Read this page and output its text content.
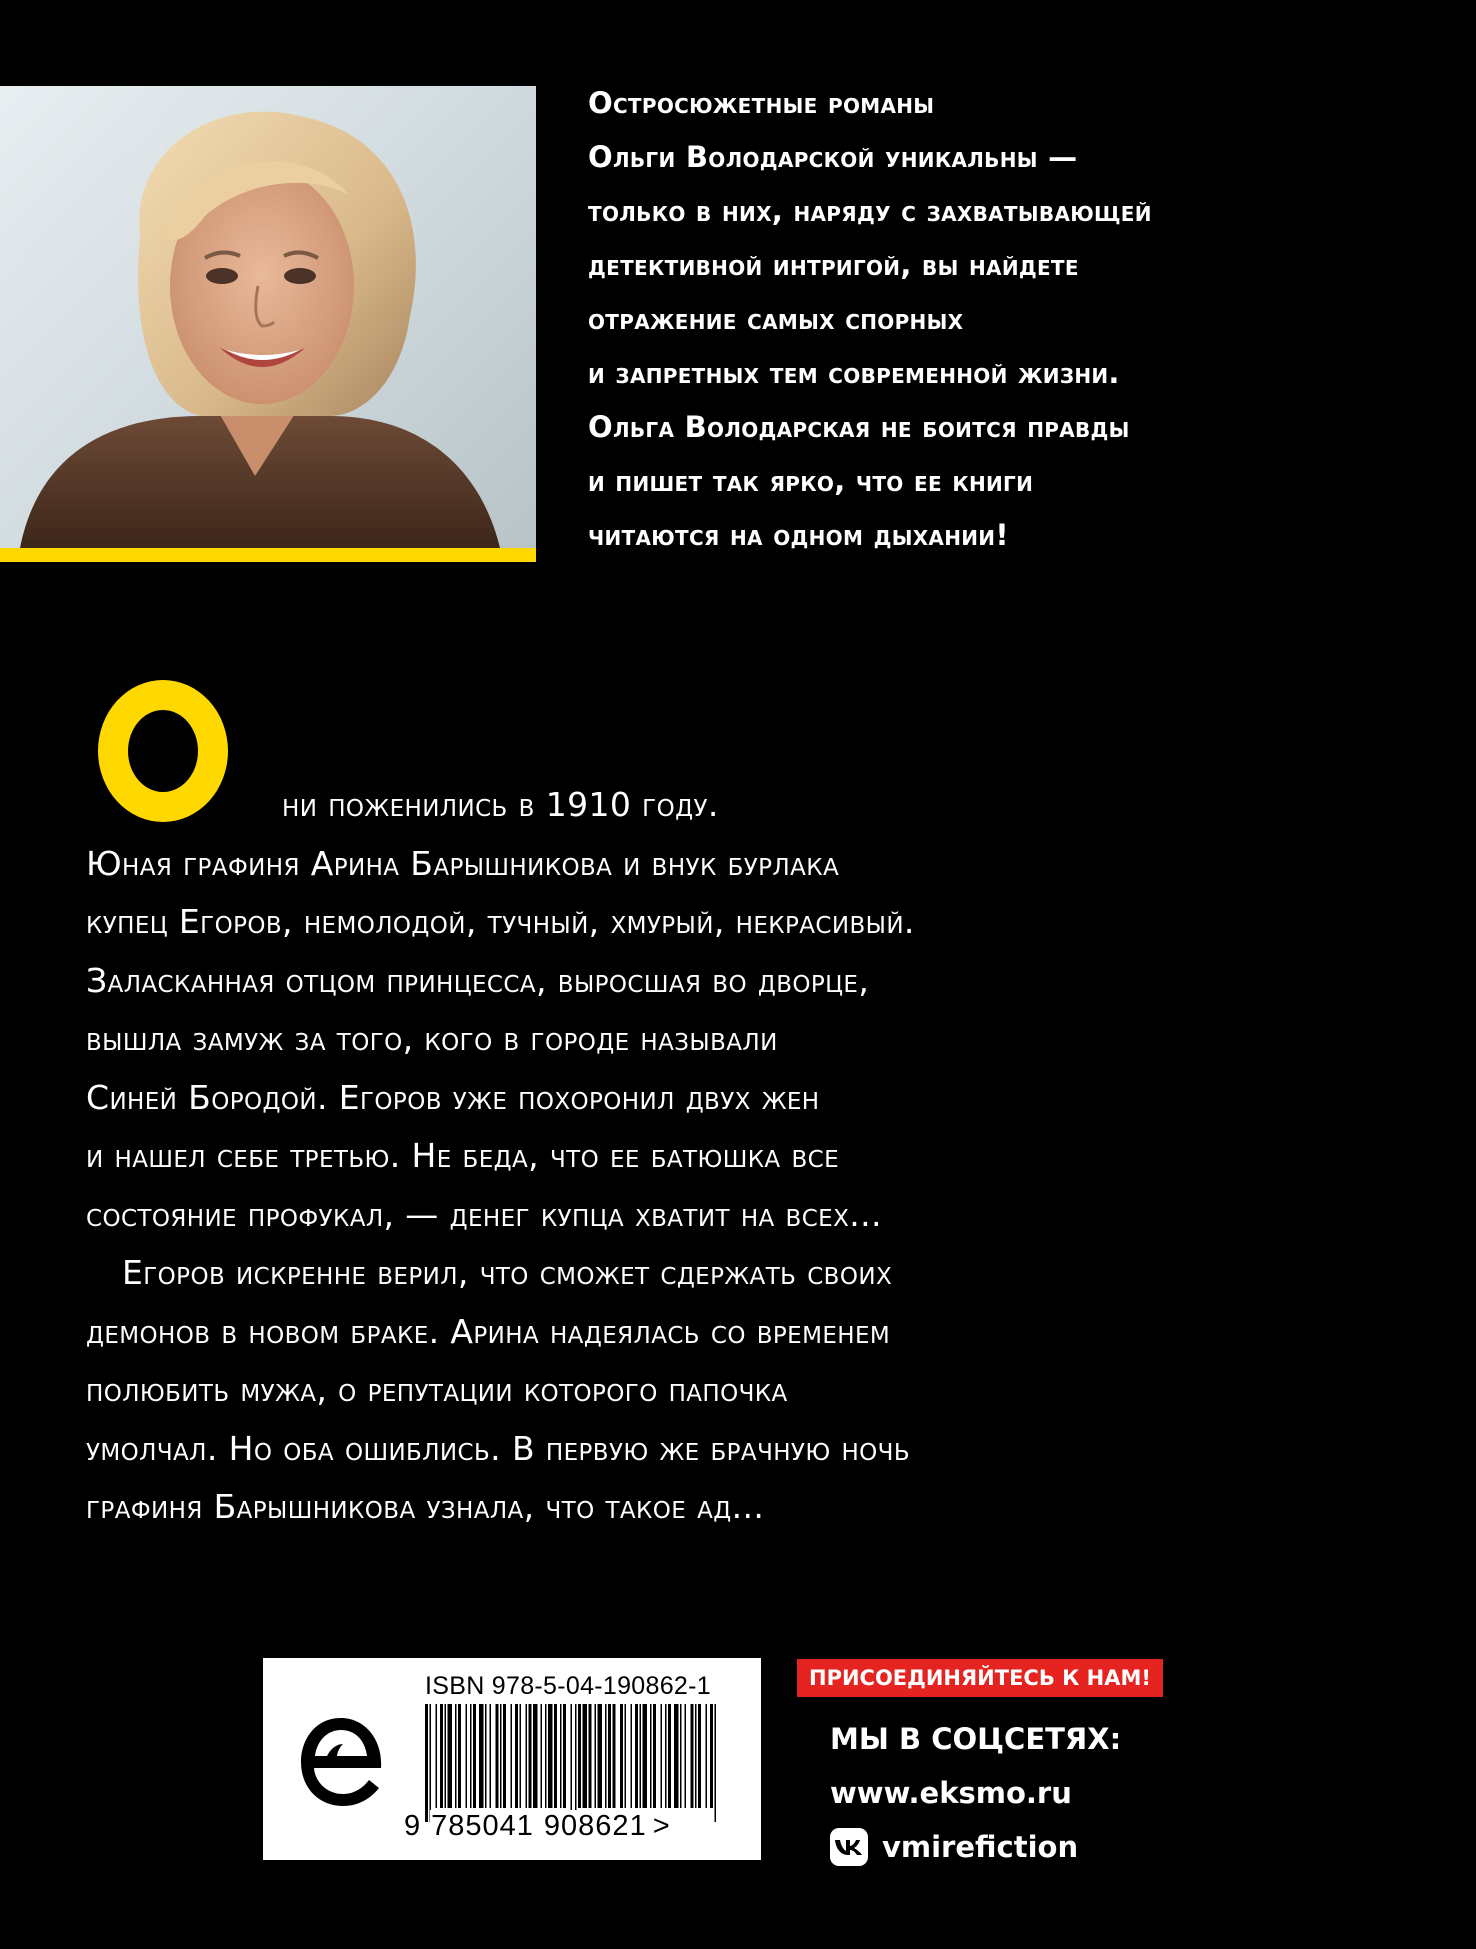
Остросюжетные романы
Ольги Володарской уникальны —
только в них, наряду с захватывающей
детективной интригой, вы найдете
отражение самых спорных
и запретных тем современной жизни.
Ольга Володарская не боится правды
и пишет так ярко, что ее книги
читаются на одном дыхании!
ни поженились в 1910 году.
Юная графиня Арина Барышникова и внук бурлака
купец Егоров, немолодой, тучный, хмурый, некрасивый.
Заласканная отцом принцесса, выросшая во дворце,
вышла замуж за того, кого в городе называли
Синей Бородой. Егоров уже похоронил двух жен
и нашел себе третью. Не беда, что ее батюшка все
состояние профукал, — денег купца хватит на всех...
Егоров искренне верил, что сможет сдержать своих
демонов в новом браке. Арина надеялась со временем
полюбить мужа, о репутации которого папочка
умолчал. Но оба ошиблись. В первую же брачную ночь
графиня Барышникова узнала, что такое ад...
ISBN 978-5-04-190862-1
9 785041 908621 >
ПРИСОЕДИНЯЙТЕСЬ К НАМ!
МЫ В СОЦСЕТЯХ:
www.eksmo.ru
vmirefiction
